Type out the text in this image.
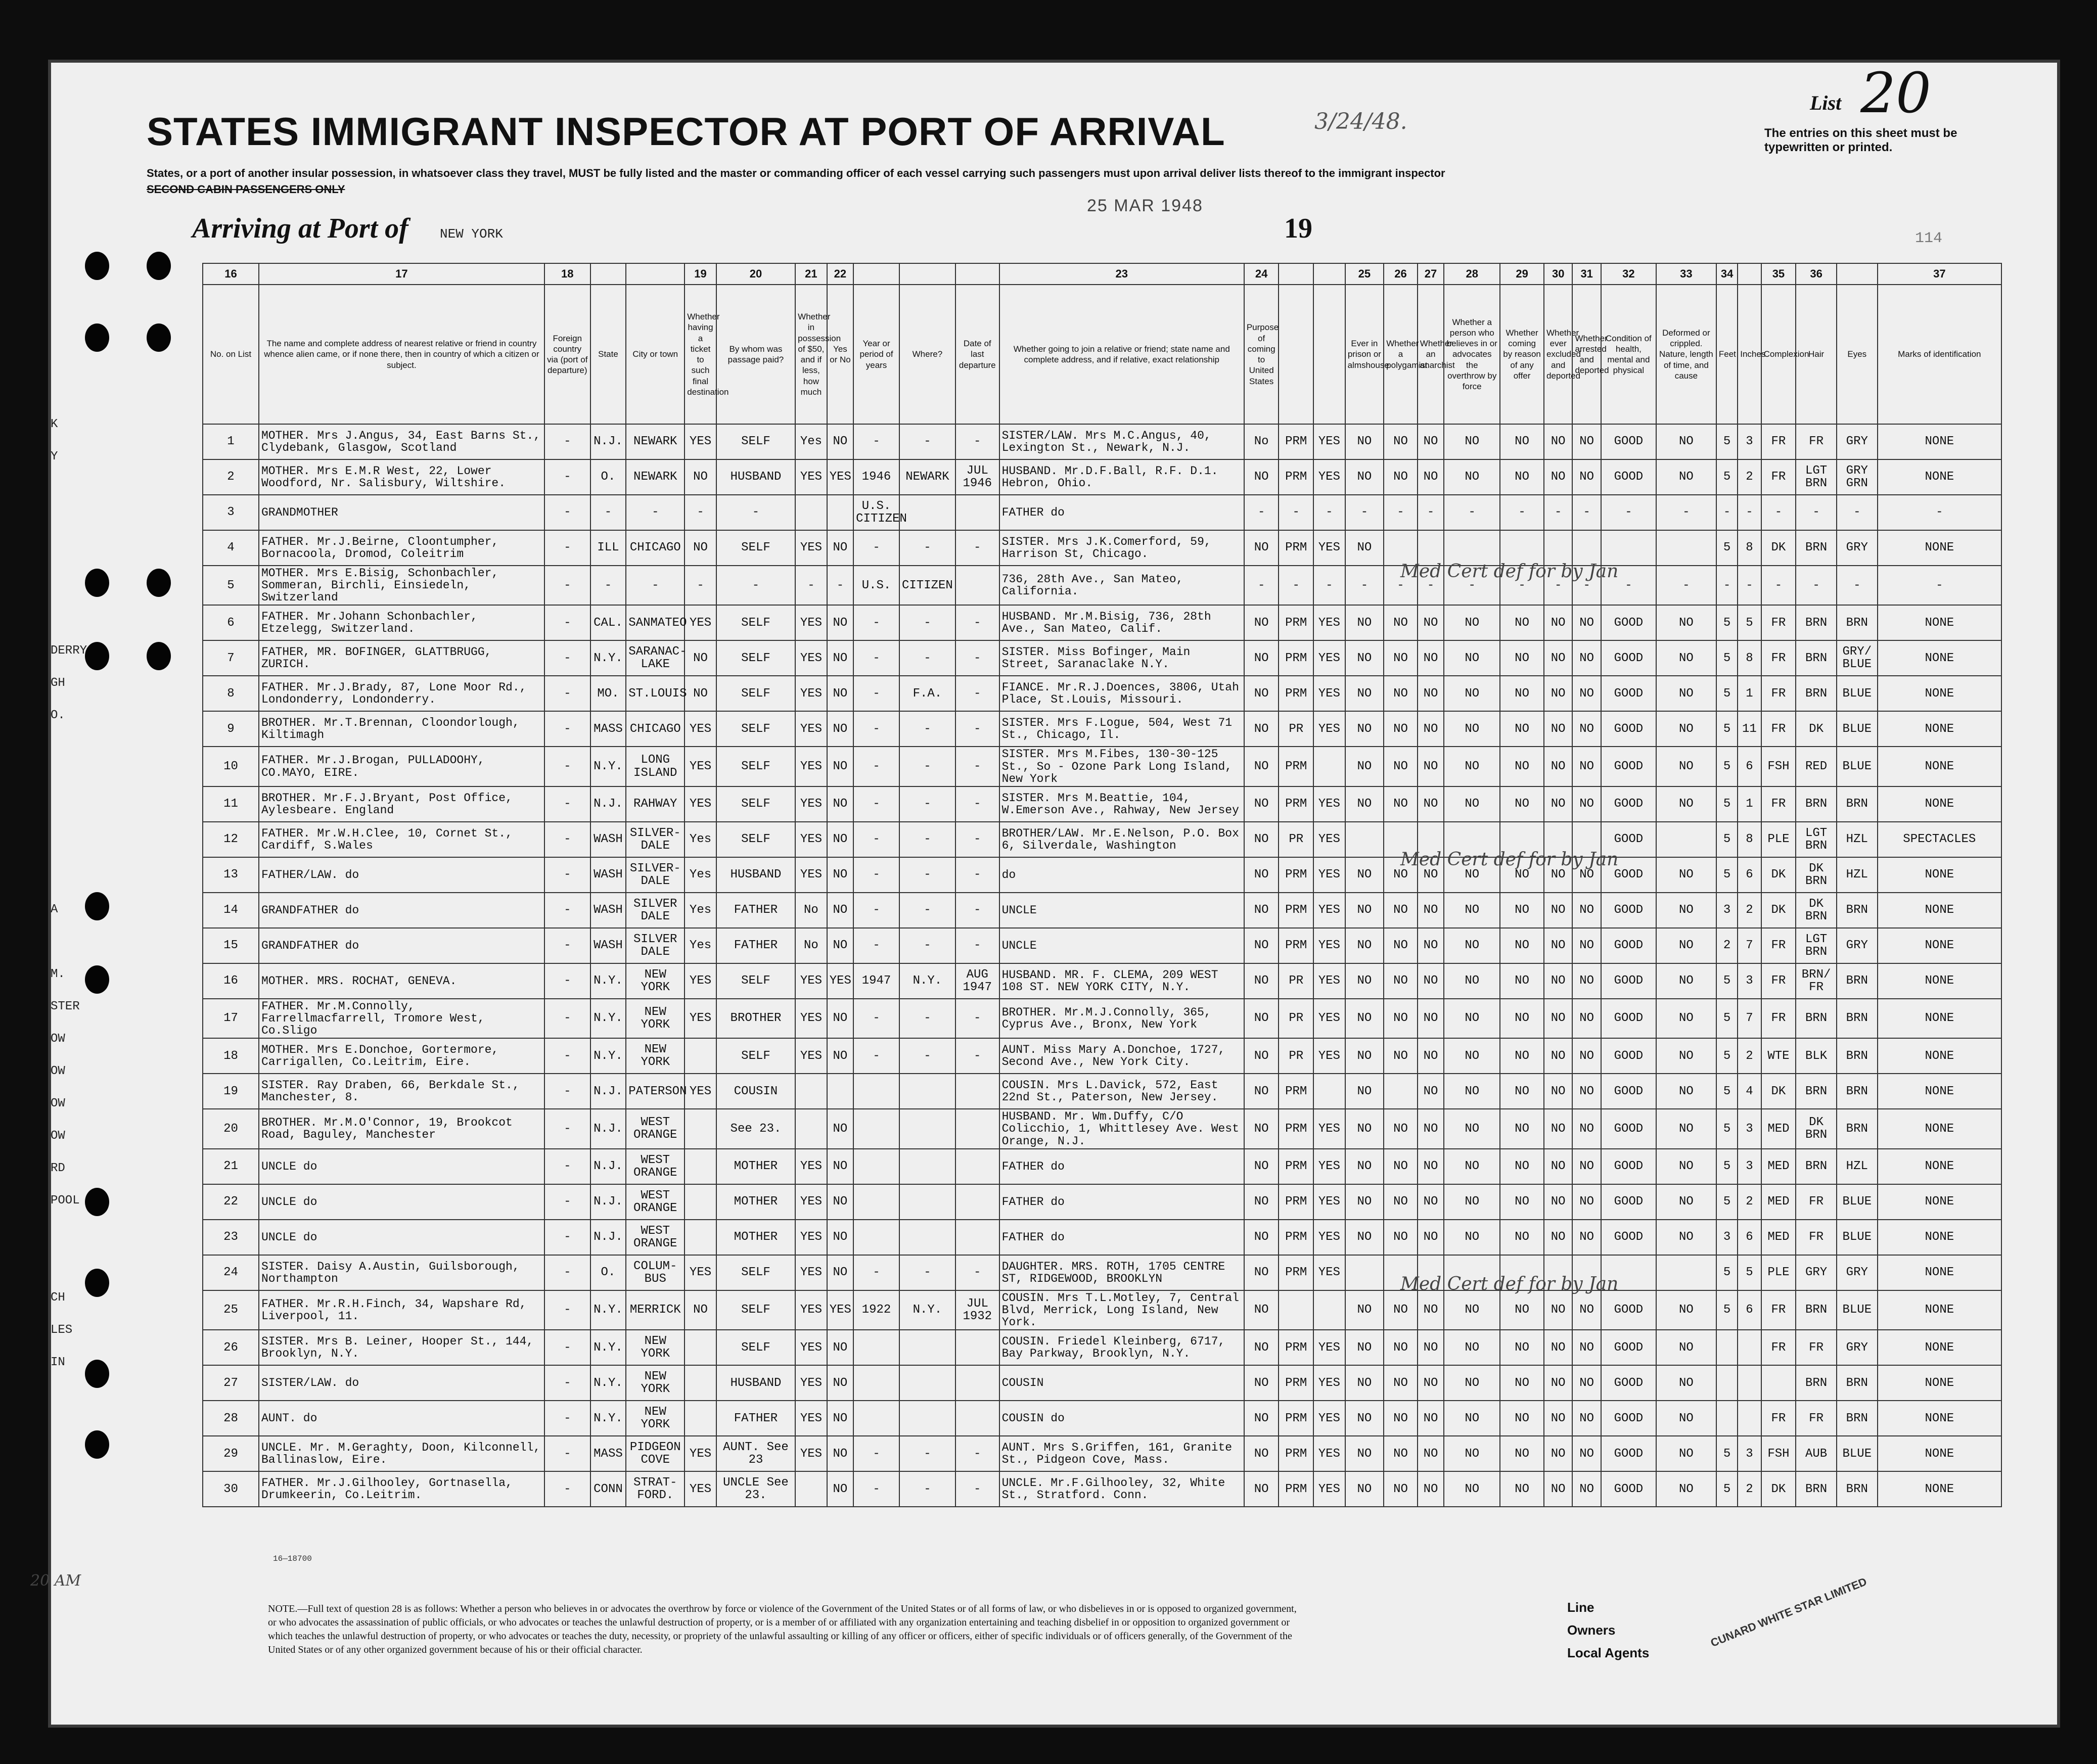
STATES IMMIGRANT INSPECTOR AT PORT OF ARRIVAL	3/24/48.
List 20
The entries on this sheet must be typewritten or printed.
States, or a port of another insular possession, in whatsoever class they travel, MUST be fully listed and the master or commanding officer of each vessel carrying such passengers must upon arrival deliver lists thereof to the immigrant inspector
SECOND CABIN PASSENGERS ONLY
25 MAR 1948
Arriving at Port of NEW YORK	19	114
K
Y
DERRY
GH
O.
A
M.
STER
OW
OW
OW
OW
RD
POOL
CH
LES
IN
16	17	18			19	20	21	22				23	24			25	26	27	28	29	30	31	32	33	34		35	36		37
No. on List	The name and complete address of nearest relative or friend in country whence alien came, or if none there, then in country of which a citizen or subject.	Foreign country via (port of departure)	State	City or town	Whether having a ticket to such final destination	By whom was passage paid?	Whether in possession of $50, and if less, how much	Yes or No	Year or period of years	Where?	Date of last departure	Whether going to join a relative or friend; state name and complete address, and if relative, exact relationship	Purpose of coming to United States			Ever in prison or almshouse	Whether a polygamist	Whether an anarchist	Whether a person who believes in or advocates the overthrow by force	Whether coming by reason of any offer	Whether ever excluded and deported	Whether arrested and deported	Condition of health, mental and physical	Deformed or crippled. Nature, length of time, and cause	Feet	Inches	Complexion	Hair	Eyes	Marks of identification
1	MOTHER. Mrs J.Angus, 34, East Barns St., Clydebank, Glasgow, Scotland	-	N.J.	NEWARK	YES	SELF	Yes	NO	-	-	-	SISTER/LAW. Mrs M.C.Angus, 40, Lexington St., Newark, N.J.	No	PRM	YES	NO	NO	NO	NO	NO	NO	NO	GOOD	NO	5	3	FR	FR	GRY	NONE
2	MOTHER. Mrs E.M.R West, 22, Lower Woodford, Nr. Salisbury, Wiltshire.	-	O.	NEWARK	NO	HUSBAND	YES	YES	1946	NEWARK	JUL 1946	HUSBAND. Mr.D.F.Ball, R.F. D.1. Hebron, Ohio.	NO	PRM	YES	NO	NO	NO	NO	NO	NO	NO	GOOD	NO	5	2	FR	LGT BRN	GRY GRN	NONE
3	GRANDMOTHER	-	-	-	-	-			U.S. CITIZEN			FATHER do	-	-	-	-	-	-	-	-	-	-	-	-	-	-	-	-	-	-
4	FATHER. Mr.J.Beirne, Cloontumpher, Bornacoola, Dromod, Coleitrim	-	ILL	CHICAGO	NO	SELF	YES	NO	-	-	-	SISTER. Mrs J.K.Comerford, 59, Harrison St, Chicago.	NO	PRM	YES	NO									5	8	DK	BRN	GRY	NONE
5	MOTHER. Mrs E.Bisig, Schonbachler, Sommeran, Birchli, Einsiedeln, Switzerland	-	-	-	-	-	-	-	U.S.	CITIZEN		736, 28th Ave., San Mateo, California.	-	-	-	-	-	-	-	-	-	-	-	-	-	-	-	-	-	-
6	FATHER. Mr.Johann Schonbachler, Etzelegg, Switzerland.	-	CAL.	SANMATEO	YES	SELF	YES	NO	-	-	-	HUSBAND. Mr.M.Bisig, 736, 28th Ave., San Mateo, Calif.	NO	PRM	YES	NO	NO	NO	NO	NO	NO	NO	GOOD	NO	5	5	FR	BRN	BRN	NONE
7	FATHER, MR. BOFINGER, GLATTBRUGG, ZURICH.	-	N.Y.	SARANAC-LAKE	NO	SELF	YES	NO	-	-	-	SISTER. Miss Bofinger, Main Street, Saranaclake N.Y.	NO	PRM	YES	NO	NO	NO	NO	NO	NO	NO	GOOD	NO	5	8	FR	BRN	GRY/ BLUE	NONE
8	FATHER. Mr.J.Brady, 87, Lone Moor Rd., Londonderry, Londonderry.	-	MO.	ST.LOUIS	NO	SELF	YES	NO	-	F.A.	-	FIANCE. Mr.R.J.Doences, 3806, Utah Place, St.Louis, Missouri.	NO	PRM	YES	NO	NO	NO	NO	NO	NO	NO	GOOD	NO	5	1	FR	BRN	BLUE	NONE
9	BROTHER. Mr.T.Brennan, Cloondorlough, Kiltimagh	-	MASS	CHICAGO	YES	SELF	YES	NO	-	-	-	SISTER. Mrs F.Logue, 504, West 71 St., Chicago, Il.	NO	PR	YES	NO	NO	NO	NO	NO	NO	NO	GOOD	NO	5	11	FR	DK	BLUE	NONE
10	FATHER. Mr.J.Brogan, PULLADOOHY, CO.MAYO, EIRE.	-	N.Y.	LONG ISLAND	YES	SELF	YES	NO	-	-	-	SISTER. Mrs M.Fibes, 130-30-125 St., So - Ozone Park Long Island, New York	NO	PRM		NO	NO	NO	NO	NO	NO	NO	GOOD	NO	5	6	FSH	RED	BLUE	NONE
11	BROTHER. Mr.F.J.Bryant, Post Office, Aylesbeare. England	-	N.J.	RAHWAY	YES	SELF	YES	NO	-	-	-	SISTER. Mrs M.Beattie, 104, W.Emerson Ave., Rahway, New Jersey	NO	PRM	YES	NO	NO	NO	NO	NO	NO	NO	GOOD	NO	5	1	FR	BRN	BRN	NONE
12	FATHER. Mr.W.H.Clee, 10, Cornet St., Cardiff, S.Wales	-	WASH	SILVER-DALE	Yes	SELF	YES	NO	-	-	-	BROTHER/LAW. Mr.E.Nelson, P.O. Box 6, Silverdale, Washington	NO	PR	YES								GOOD		5	8	PLE	LGT BRN	HZL	SPECTACLES
13	FATHER/LAW. do	-	WASH	SILVER-DALE	Yes	HUSBAND	YES	NO	-	-	-	do	NO	PRM	YES	NO	NO	NO	NO	NO	NO	NO	GOOD	NO	5	6	DK	DK BRN	HZL	NONE
14	GRANDFATHER do	-	WASH	SILVER DALE	Yes	FATHER	No	NO	-	-	-	UNCLE	NO	PRM	YES	NO	NO	NO	NO	NO	NO	NO	GOOD	NO	3	2	DK	DK BRN	BRN	NONE
15	GRANDFATHER do	-	WASH	SILVER DALE	Yes	FATHER	No	NO	-	-	-	UNCLE	NO	PRM	YES	NO	NO	NO	NO	NO	NO	NO	GOOD	NO	2	7	FR	LGT BRN	GRY	NONE
16	MOTHER. MRS. ROCHAT, GENEVA.	-	N.Y.	NEW YORK	YES	SELF	YES	YES	1947	N.Y.	AUG 1947	HUSBAND. MR. F. CLEMA, 209 WEST 108 ST. NEW YORK CITY, N.Y.	NO	PR	YES	NO	NO	NO	NO	NO	NO	NO	GOOD	NO	5	3	FR	BRN/ FR	BRN	NONE
17	FATHER. Mr.M.Connolly, Farrellmacfarrell, Tromore West, Co.Sligo	-	N.Y.	NEW YORK	YES	BROTHER	YES	NO	-	-	-	BROTHER. Mr.M.J.Connolly, 365, Cyprus Ave., Bronx, New York	NO	PR	YES	NO	NO	NO	NO	NO	NO	NO	GOOD	NO	5	7	FR	BRN	BRN	NONE
18	MOTHER. Mrs E.Donchoe, Gortermore, Carrigallen, Co.Leitrim, Eire.	-	N.Y.	NEW YORK		SELF	YES	NO	-	-	-	AUNT. Miss Mary A.Donchoe, 1727, Second Ave., New York City.	NO	PR	YES	NO	NO	NO	NO	NO	NO	NO	GOOD	NO	5	2	WTE	BLK	BRN	NONE
19	SISTER. Ray Draben, 66, Berkdale St., Manchester, 8.	-	N.J.	PATERSON	YES	COUSIN						COUSIN. Mrs L.Davick, 572, East 22nd St., Paterson, New Jersey.	NO	PRM		NO		NO	NO	NO	NO	NO	GOOD	NO	5	4	DK	BRN	BRN	NONE
20	BROTHER. Mr.M.O'Connor, 19, Brookcot Road, Baguley, Manchester	-	N.J.	WEST ORANGE		See 23.		NO				HUSBAND. Mr. Wm.Duffy, C/O Colicchio, 1, Whittlesey Ave. West Orange, N.J.	NO	PRM	YES	NO	NO	NO	NO	NO	NO	NO	GOOD	NO	5	3	MED	DK BRN	BRN	NONE
21	UNCLE do	-	N.J.	WEST ORANGE		MOTHER	YES	NO				FATHER do	NO	PRM	YES	NO	NO	NO	NO	NO	NO	NO	GOOD	NO	5	3	MED	BRN	HZL	NONE
22	UNCLE do	-	N.J.	WEST ORANGE		MOTHER	YES	NO				FATHER do	NO	PRM	YES	NO	NO	NO	NO	NO	NO	NO	GOOD	NO	5	2	MED	FR	BLUE	NONE
23	UNCLE do	-	N.J.	WEST ORANGE		MOTHER	YES	NO				FATHER do	NO	PRM	YES	NO	NO	NO	NO	NO	NO	NO	GOOD	NO	3	6	MED	FR	BLUE	NONE
24	SISTER. Daisy A.Austin, Guilsborough, Northampton	-	O.	COLUM-BUS	YES	SELF	YES	NO	-	-	-	DAUGHTER. MRS. ROTH, 1705 CENTRE ST, RIDGEWOOD, BROOKLYN	NO	PRM	YES										5	5	PLE	GRY	GRY	NONE
25	FATHER. Mr.R.H.Finch, 34, Wapshare Rd, Liverpool, 11.	-	N.Y.	MERRICK	NO	SELF	YES	YES	1922	N.Y.	JUL 1932	COUSIN. Mrs T.L.Motley, 7, Central Blvd, Merrick, Long Island, New York.	NO			NO	NO	NO	NO	NO	NO	NO	GOOD	NO	5	6	FR	BRN	BLUE	NONE
26	SISTER. Mrs B. Leiner, Hooper St., 144, Brooklyn, N.Y.	-	N.Y.	NEW YORK		SELF	YES	NO				COUSIN. Friedel Kleinberg, 6717, Bay Parkway, Brooklyn, N.Y.	NO	PRM	YES	NO	NO	NO	NO	NO	NO	NO	GOOD	NO			FR	FR	GRY	NONE
27	SISTER/LAW. do	-	N.Y.	NEW YORK		HUSBAND	YES	NO				COUSIN	NO	PRM	YES	NO	NO	NO	NO	NO	NO	NO	GOOD	NO				BRN	BRN	NONE
28	AUNT. do	-	N.Y.	NEW YORK		FATHER	YES	NO				COUSIN do	NO	PRM	YES	NO	NO	NO	NO	NO	NO	NO	GOOD	NO			FR	FR	BRN	NONE
29	UNCLE. Mr. M.Geraghty, Doon, Kilconnell, Ballinaslow, Eire.	-	MASS	PIDGEON COVE	YES	AUNT. See 23	YES	NO	-	-	-	AUNT. Mrs S.Griffen, 161, Granite St., Pidgeon Cove, Mass.	NO	PRM	YES	NO	NO	NO	NO	NO	NO	NO	GOOD	NO	5	3	FSH	AUB	BLUE	NONE
30	FATHER. Mr.J.Gilhooley, Gortnasella, Drumkeerin, Co.Leitrim.	-	CONN	STRAT-FORD.	YES	UNCLE See 23.		NO	-	-	-	UNCLE. Mr.F.Gilhooley, 32, White St., Stratford. Conn.	NO	PRM	YES	NO	NO	NO	NO	NO	NO	NO	GOOD	NO	5	2	DK	BRN	BRN	NONE
Med Cert def for by Jan
Med Cert def for by Jan
Med Cert def for by Jan
20 AM
16—18700
NOTE.—Full text of question 28 is as follows: Whether a person who believes in or advocates the overthrow by force or violence of the Government of the United States or of all forms of law, or who disbelieves in or is opposed to organized government, or who advocates the assassination of public officials, or who advocates or teaches the unlawful destruction of property, or is a member of or affiliated with any organization entertaining and teaching disbelief in or opposition to organized government or which teaches the unlawful destruction of property, or who advocates or teaches the duty, necessity, or propriety of the unlawful assaulting or killing of any officer or officers, either of specific individuals or of officers generally, of the Government of the United States or of any other organized government because of his or their official character.
Line
Owners
Local Agents
CUNARD WHITE STAR LIMITED
